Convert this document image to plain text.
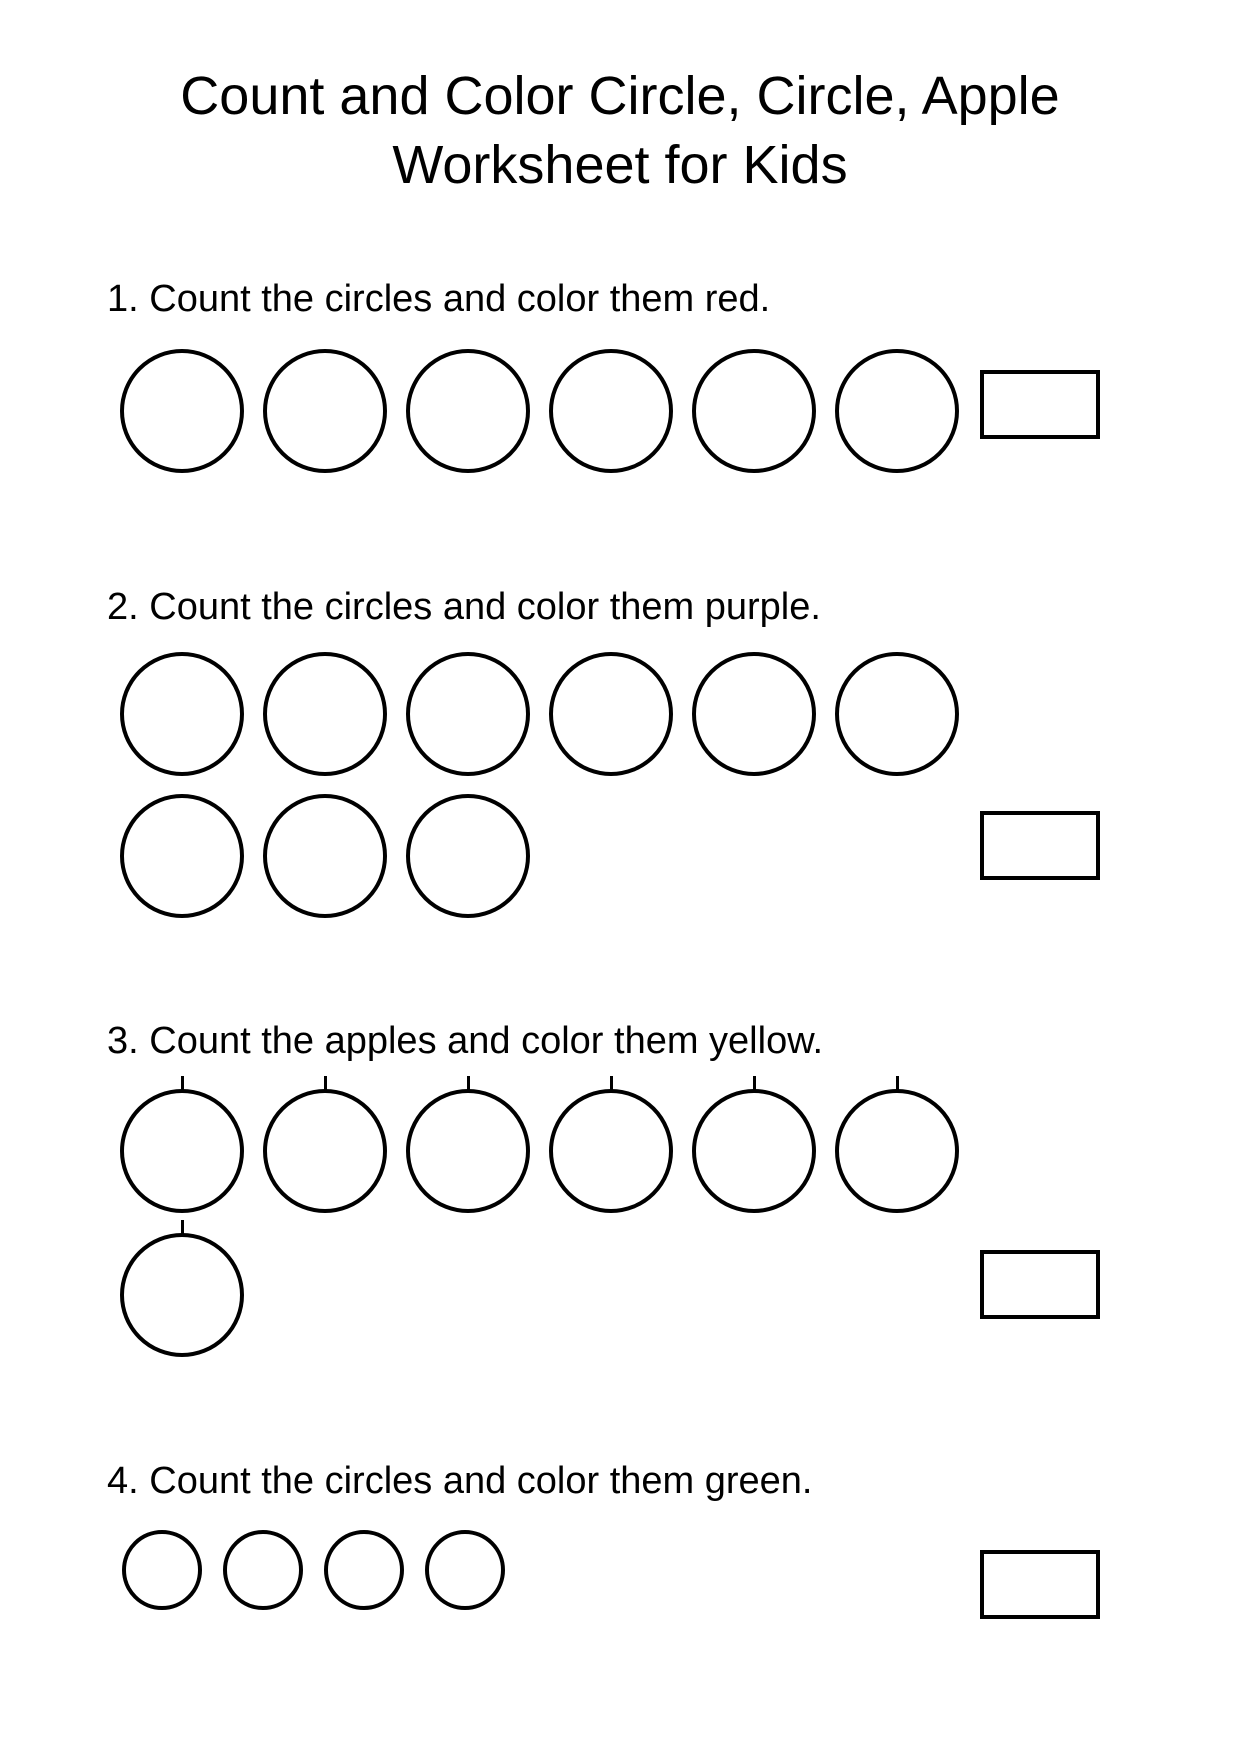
Count and Color Circle, Circle, Apple
Worksheet for Kids
1. Count the circles and color them red.
2. Count the circles and color them purple.
3. Count the apples and color them yellow.
4. Count the circles and color them green.
